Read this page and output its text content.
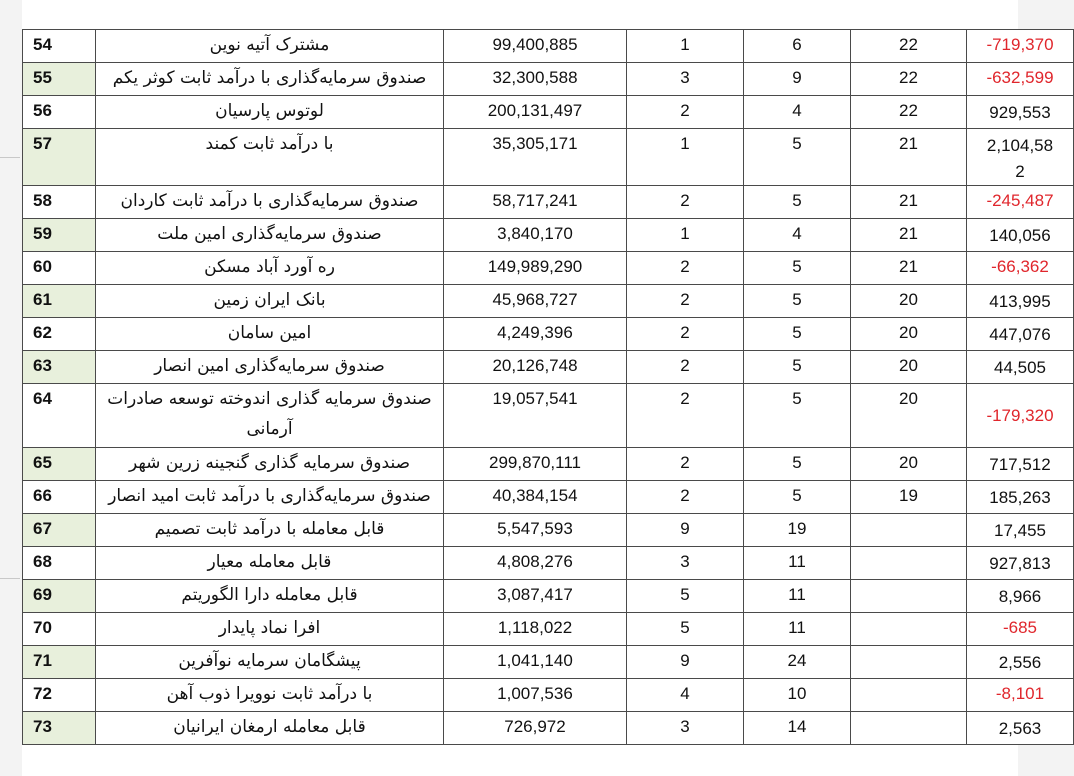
54	مشترک آتیه نوین	99,400,885	1	6	22	-719,370
55	صندوق سرمایه‌گذاری با درآمد ثابت کوثر یکم	32,300,588	3	9	22	-632,599
56	لوتوس پارسیان	200,131,497	2	4	22	929,553
57	با درآمد ثابت کمند	35,305,171	1	5	21	2,104,58 2

58	صندوق سرمایه‌گذاری با درآمد ثابت کاردان	58,717,241	2	5	21	-245,487
59	صندوق سرمایه‌گذاری امین ملت	3,840,170	1	4	21	140,056
60	ره آورد آباد مسکن	149,989,290	2	5	21	-66,362
61	بانک ایران زمین	45,968,727	2	5	20	413,995
62	امین سامان	4,249,396	2	5	20	447,076
63	صندوق سرمایه‌گذاری امین انصار	20,126,748	2	5	20	44,505
64	صندوق سرمایه گذاری اندوخته توسعه صادرات آرمانی	19,057,541	2	5	20	-179,320
65	صندوق سرمایه گذاری گنجینه زرین شهر	299,870,111	2	5	20	717,512
66	صندوق سرمایه‌گذاری با درآمد ثابت امید انصار	40,384,154	2	5	19	185,263
67	قابل معامله با درآمد ثابت تصمیم	5,547,593	9	19		17,455
68	قابل معامله معیار	4,808,276	3	11		927,813
69	قابل معامله دارا الگوریتم	3,087,417	5	11		8,966
70	افرا نماد پایدار	1,118,022	5	11		-685
71	پیشگامان سرمایه نوآفرین	1,041,140	9	24		2,556
72	با درآمد ثابت نوویرا ذوب آهن	1,007,536	4	10		-8,101
73	قابل معامله ارمغان ایرانیان	726,972	3	14		2,563
